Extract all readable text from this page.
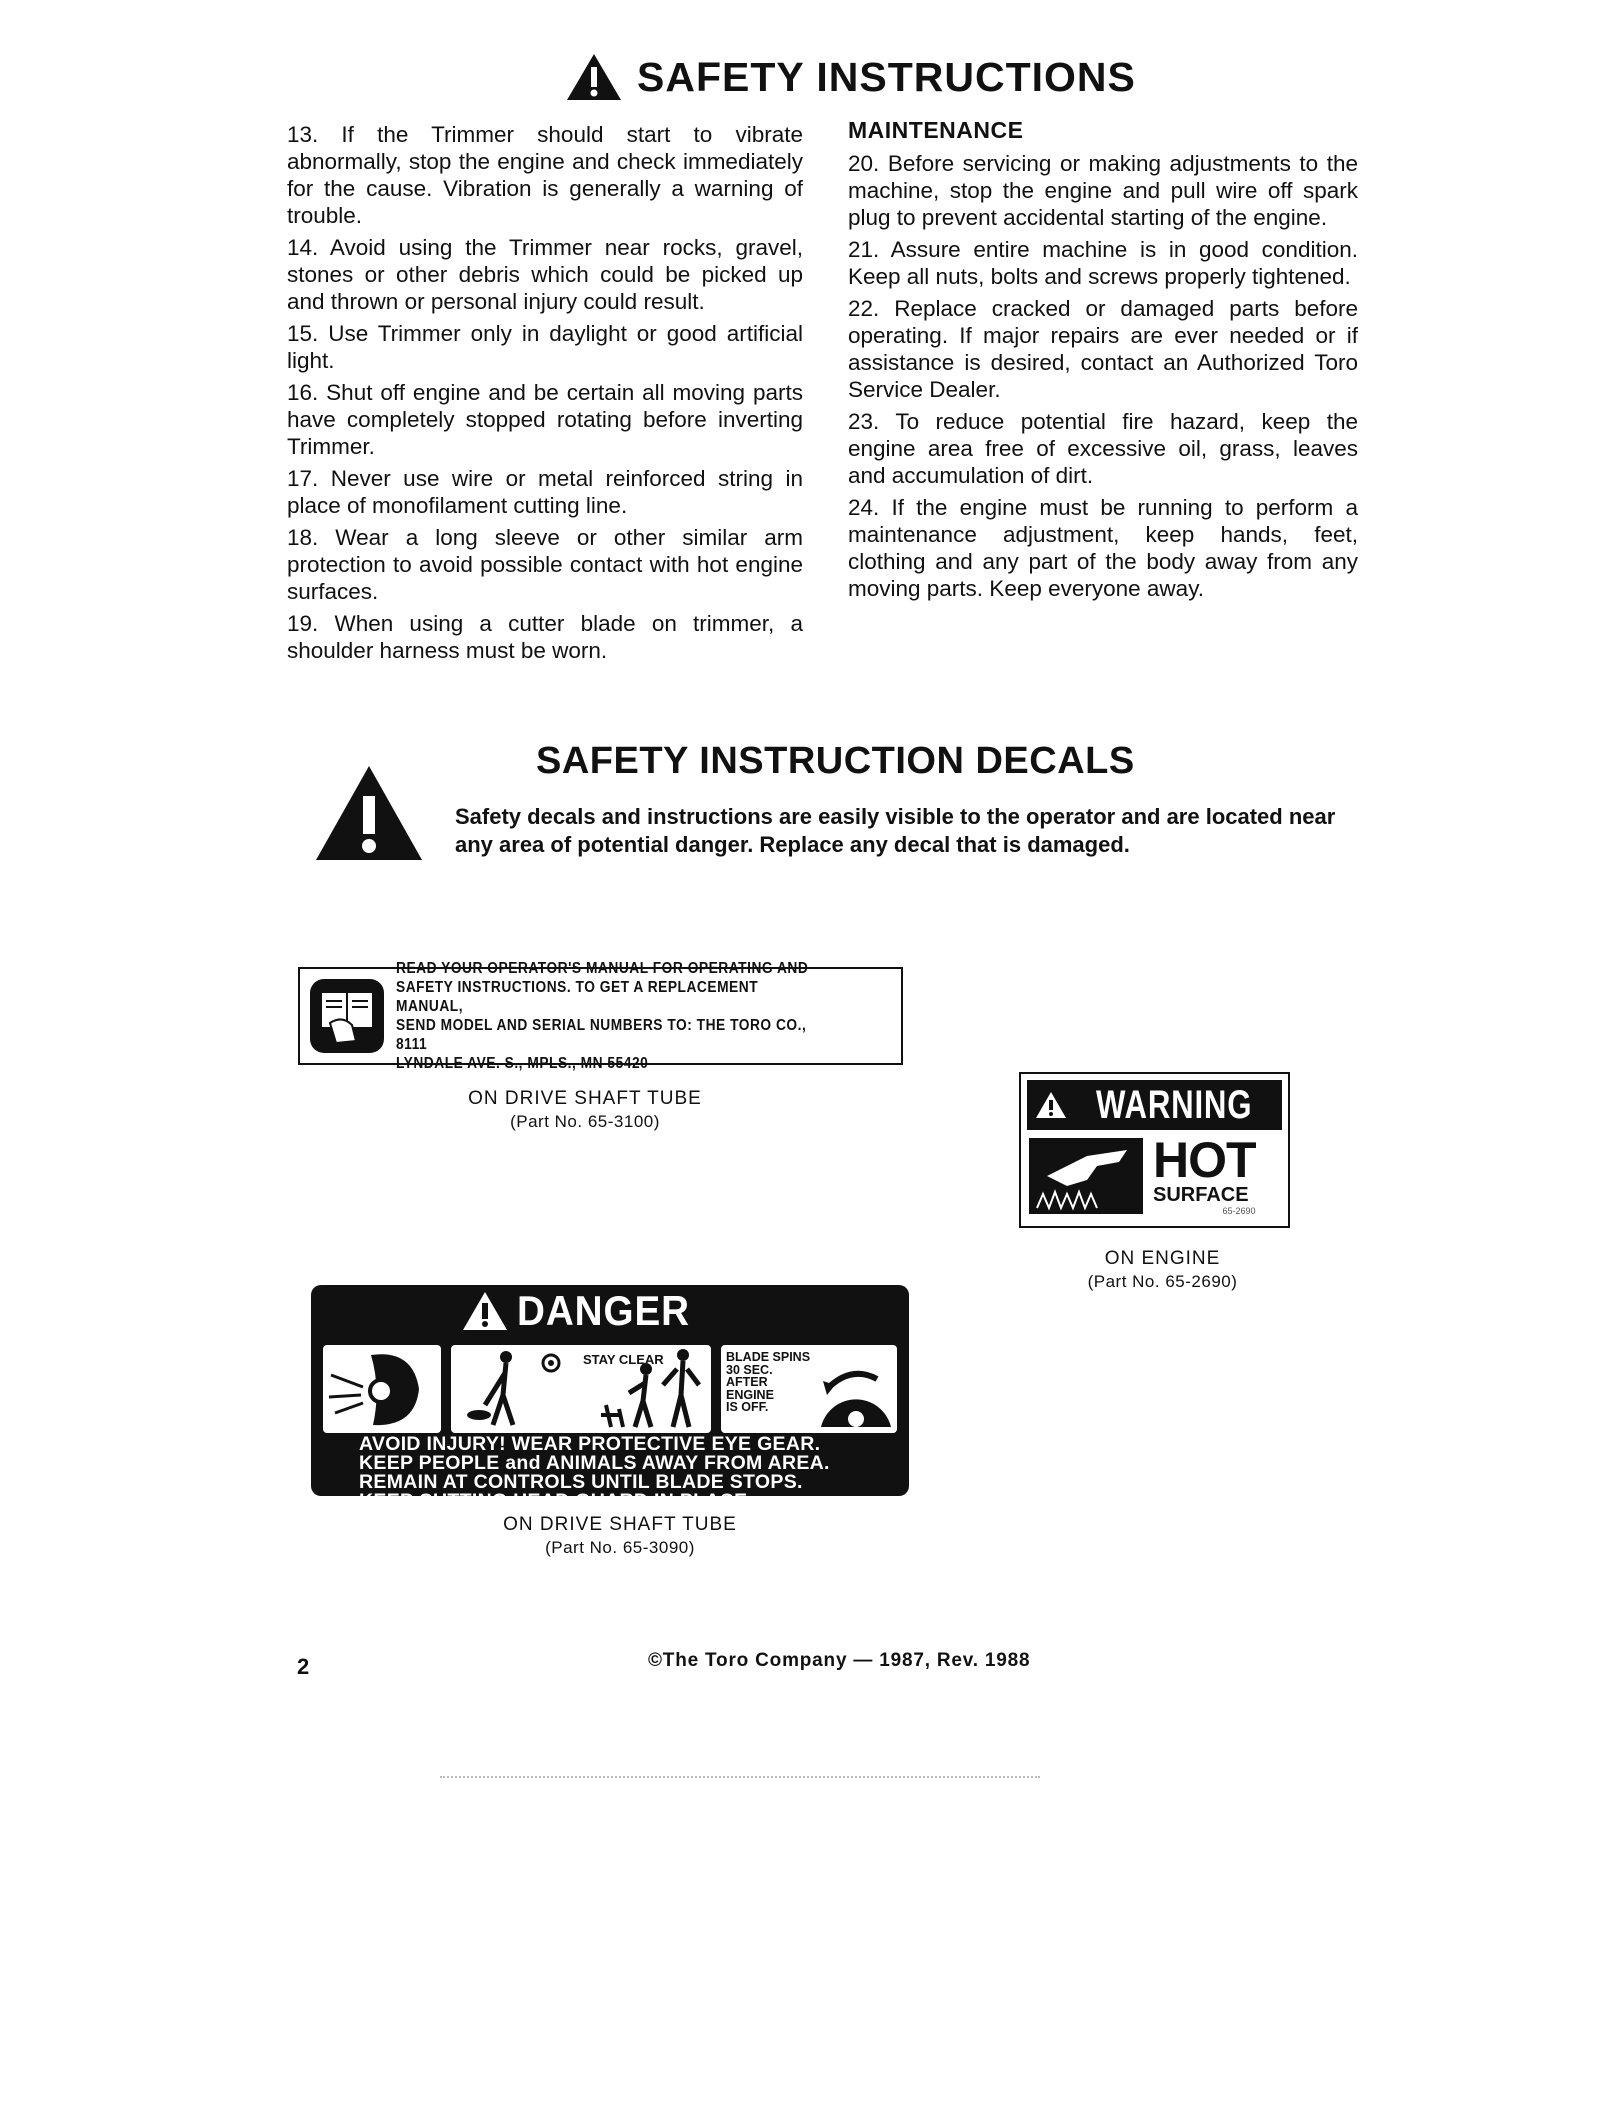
SAFETY INSTRUCTIONS

13. If the Trimmer should start to vibrate abnormally, stop the engine and check immediately for the cause. Vibration is generally a warning of trouble.

14. Avoid using the Trimmer near rocks, gravel, stones or other debris which could be picked up and thrown or personal injury could result.

15. Use Trimmer only in daylight or good artificial light.

16. Shut off engine and be certain all moving parts have completely stopped rotating before inverting Trimmer.

17. Never use wire or metal reinforced string in place of monofilament cutting line.

18. Wear a long sleeve or other similar arm protection to avoid possible contact with hot engine surfaces.

19. When using a cutter blade on trimmer, a shoulder harness must be worn.

MAINTENANCE

20. Before servicing or making adjustments to the machine, stop the engine and pull wire off spark plug to prevent accidental starting of the engine.

21. Assure entire machine is in good condition. Keep all nuts, bolts and screws properly tightened.

22. Replace cracked or damaged parts before operating. If major repairs are ever needed or if assistance is desired, contact an Authorized Toro Service Dealer.

23. To reduce potential fire hazard, keep the engine area free of excessive oil, grass, leaves and accumulation of dirt.

24. If the engine must be running to perform a maintenance adjustment, keep hands, feet, clothing and any part of the body away from any moving parts. Keep everyone away.

SAFETY INSTRUCTION DECALS
Safety decals and instructions are easily visible to the operator and are located near any area of potential danger. Replace any decal that is damaged.
READ YOUR OPERATOR'S MANUAL FOR OPERATING AND
SAFETY INSTRUCTIONS. TO GET A REPLACEMENT MANUAL,
SEND MODEL AND SERIAL NUMBERS TO: THE TORO CO., 8111
LYNDALE AVE. S., MPLS., MN 55420
ON DRIVE SHAFT TUBE
(Part No. 65-3100)	WARNING
HOT
SURFACE
65-2690
ON ENGINE
(Part No. 65-2690)
DANGER
STAY CLEAR	BLADE SPINS
30 SEC.
AFTER
ENGINE
IS OFF.
AVOID INJURY! WEAR PROTECTIVE EYE GEAR.
KEEP PEOPLE and ANIMALS AWAY FROM AREA.
REMAIN AT CONTROLS UNTIL BLADE STOPS.
KEEP CUTTING HEAD GUARD IN PLACE.
ON DRIVE SHAFT TUBE
(Part No. 65-3090)
2	©The Toro Company — 1987, Rev. 1988
